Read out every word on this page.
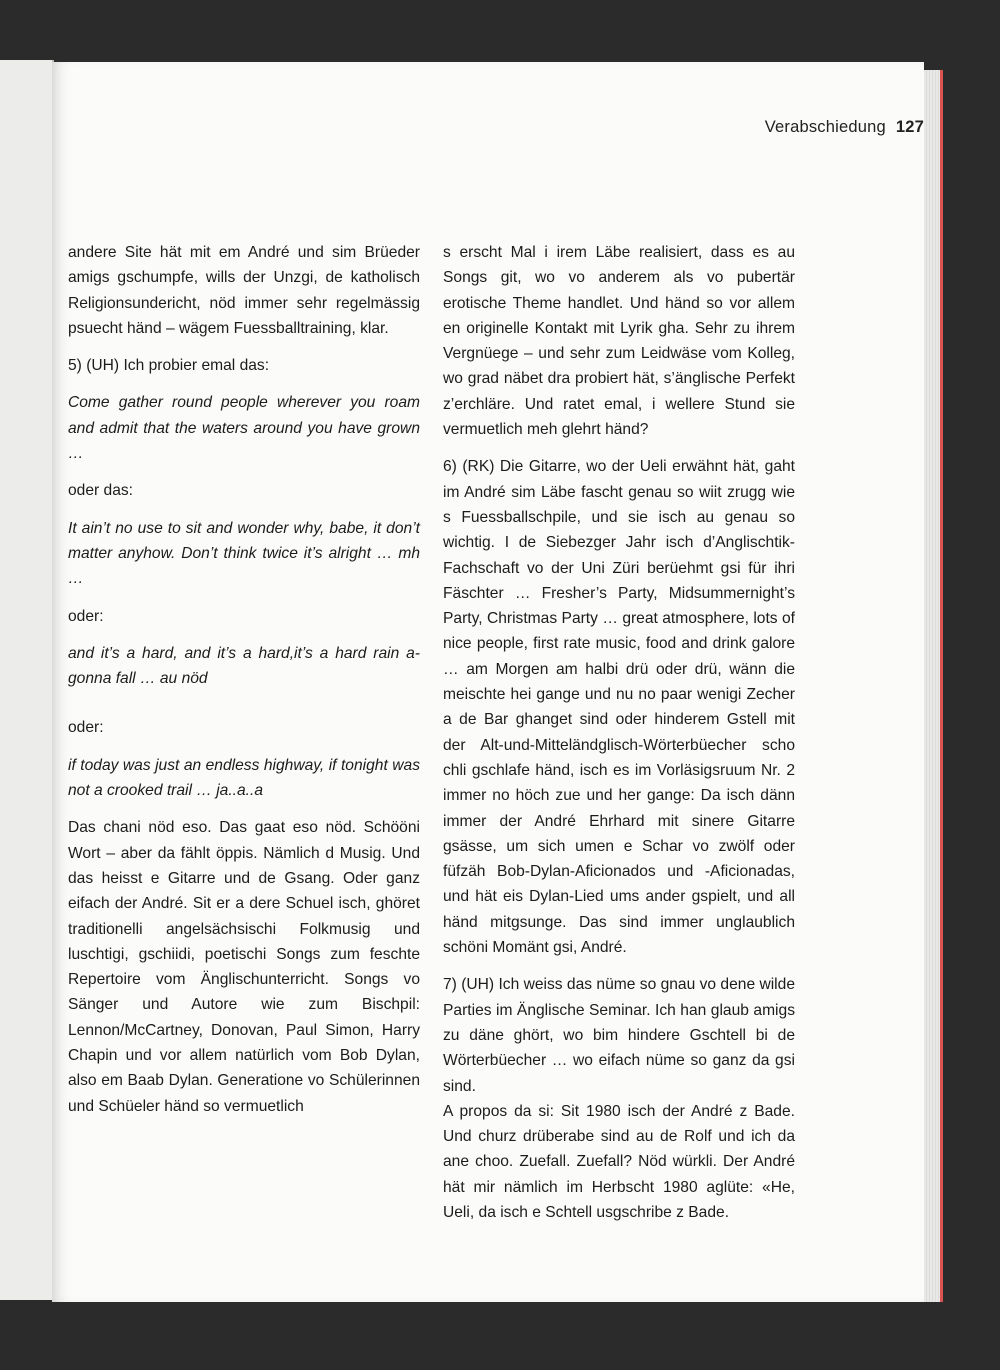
Verabschiedung 127

andere Site hät mit em André und sim Brüeder amigs gschumpfe, wills der Unzgi, de katholisch Religionsundericht, nöd immer sehr regelmässig psuecht händ – wägem Fuessballtraining, klar.

5) (UH) Ich probier emal das:

Come gather round people wherever you roam and admit that the waters around you have grown …

oder das:

It ain’t no use to sit and wonder why, babe, it don’t matter anyhow. Don’t think twice it’s alright … mh …

oder:

and it’s a hard, and it’s a hard,it’s a hard rain a-gonna fall … au nöd

oder:

if today was just an endless highway, if tonight was not a crooked trail … ja..a..a

Das chani nöd eso. Das gaat eso nöd. Schööni Wort – aber da fählt öppis. Nämlich d Musig. Und das heisst e Gitarre und de Gsang. Oder ganz eifach der André. Sit er a dere Schuel isch, ghöret traditionelli angelsächsischi Folkmusig und luschtigi, gschiidi, poetischi Songs zum feschte Repertoire vom Änglischunterricht. Songs vo Sänger und Autore wie zum Bischpil: Lennon/McCartney, Donovan, Paul Simon, Harry Chapin und vor allem natürlich vom Bob Dylan, also em Baab Dylan. Generatione vo Schülerinnen und Schüeler händ so vermuetlich

s erscht Mal i irem Läbe realisiert, dass es au Songs git, wo vo anderem als vo pubertär erotische Theme handlet. Und händ so vor allem en originelle Kontakt mit Lyrik gha. Sehr zu ihrem Vergnüege – und sehr zum Leidwäse vom Kolleg, wo grad näbet dra probiert hät, s’änglische Perfekt z’erchläre. Und ratet emal, i wellere Stund sie vermuetlich meh glehrt händ?

6) (RK) Die Gitarre, wo der Ueli erwähnt hät, gaht im André sim Läbe fascht genau so wiit zrugg wie s Fuessballschpile, und sie isch au genau so wichtig. I de Siebezger Jahr isch d’Anglischtik-Fachschaft vo der Uni Züri berüehmt gsi für ihri Fäschter … Fresher’s Party, Midsummernight’s Party, Christmas Party … great atmosphere, lots of nice people, first rate music, food and drink galore … am Morgen am halbi drü oder drü, wänn die meischte hei gange und nu no paar wenigi Zecher a de Bar ghanget sind oder hinderem Gstell mit der Alt-und-Mitteländglisch-Wörterbüecher scho chli gschlafe händ, isch es im Vorläsigsruum Nr. 2 immer no höch zue und her gange: Da isch dänn immer der André Ehrhard mit sinere Gitarre gsässe, um sich umen e Schar vo zwölf oder füfzäh Bob-Dylan-Aficionados und -Aficionadas, und hät eis Dylan-Lied ums ander gspielt, und all händ mitgsunge. Das sind immer unglaublich schöni Momänt gsi, André.

7) (UH) Ich weiss das nüme so gnau vo dene wilde Parties im Änglische Seminar. Ich han glaub amigs zu däne ghört, wo bim hindere Gschtell bi de Wörterbüecher … wo eifach nüme so ganz da gsi sind.

A propos da si: Sit 1980 isch der André z Bade. Und churz drüberabe sind au de Rolf und ich da ane choo. Zuefall. Zuefall? Nöd würkli. Der André hät mir nämlich im Herbscht 1980 aglüte: «He, Ueli, da isch e Schtell usgschribe z Bade.
